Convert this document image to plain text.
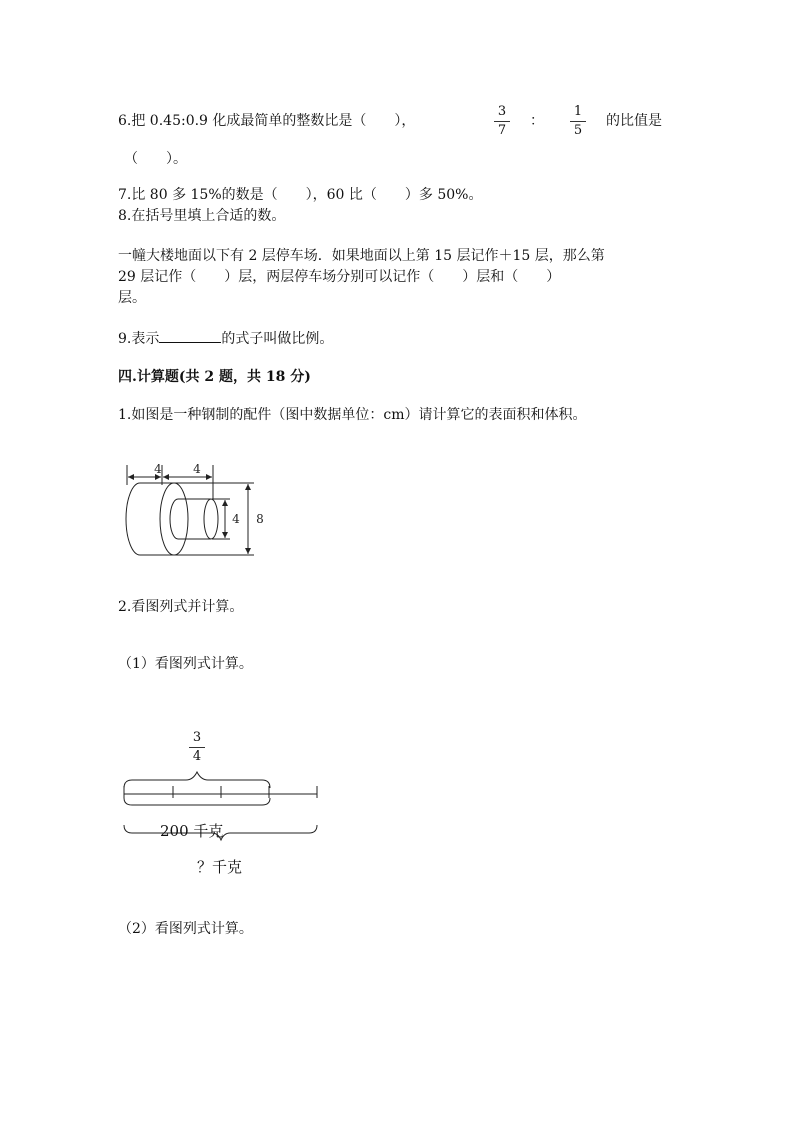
6.把 0.45:0.9 化成最简单的整数比是（　　），
3
7
：
1
5
的比值是
（　　）。
7.比 80 多 15%的数是（　　），60 比（　　）多 50%。
8.在括号里填上合适的数。
一幢大楼地面以下有 2 层停车场．如果地面以上第 15 层记作＋15 层，那么第
29 层记作（　　）层，两层停车场分别可以记作（　　）层和（　　）
层。
9.表示	的式子叫做比例。
四.计算题(共 2 题，共 18 分)
1.如图是一种钢制的配件（图中数据单位：cm）请计算它的表面积和体积。
4	4
4 8
2.看图列式并计算。
（1）看图列式计算。
3
4
200 千克
？千克
（2）看图列式计算。
